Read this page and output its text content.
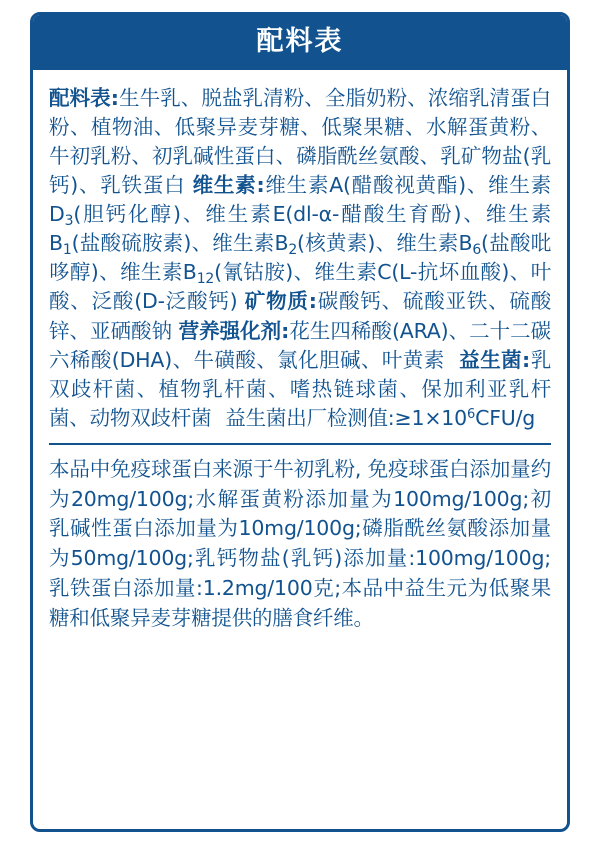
配料表
配料表:生牛乳、脱盐乳清粉、全脂奶粉、浓缩乳清蛋白粉、植物油、低聚异麦芽糖、低聚果糖、水解蛋黄粉、牛初乳粉、初乳碱性蛋白、磷脂酰丝氨酸、乳矿物盐(乳钙)、乳铁蛋白 维生素:维生素A(醋酸视黄酯)、维生素D3(胆钙化醇)、维生素E(dl-α-醋酸生育酚)、维生素B1(盐酸硫胺素)、维生素B2(核黄素)、维生素B6(盐酸吡哆醇)、维生素B12(氰钴胺)、维生素C(L-抗坏血酸)、叶酸、泛酸(D-泛酸钙) 矿物质:碳酸钙、硫酸亚铁、硫酸锌、亚硒酸钠 营养强化剂:花生四稀酸(ARA)、二十二碳六稀酸(DHA)、牛磺酸、氯化胆碱、叶黄素 益生菌:乳双歧杆菌、植物乳杆菌、嗜热链球菌、保加利亚乳杆菌、动物双歧杆菌 益生菌出厂检测值$:\ge 1\times 10^6CFU/g$
本品中免疫球蛋白来源于牛初乳粉, 免疫球蛋白添加量约为20mg/100g;水解蛋黄粉添加量为100mg/100g;初乳碱性蛋白添加量为10mg/100g;磷脂酰丝氨酸添加量为50mg/100g;乳钙物盐(乳钙)添加量:100mg/100g;乳铁蛋白添加量:1.2mg/100克;本品中益生元为低聚果糖和低聚异麦芽糖提供的膳食纤维。
